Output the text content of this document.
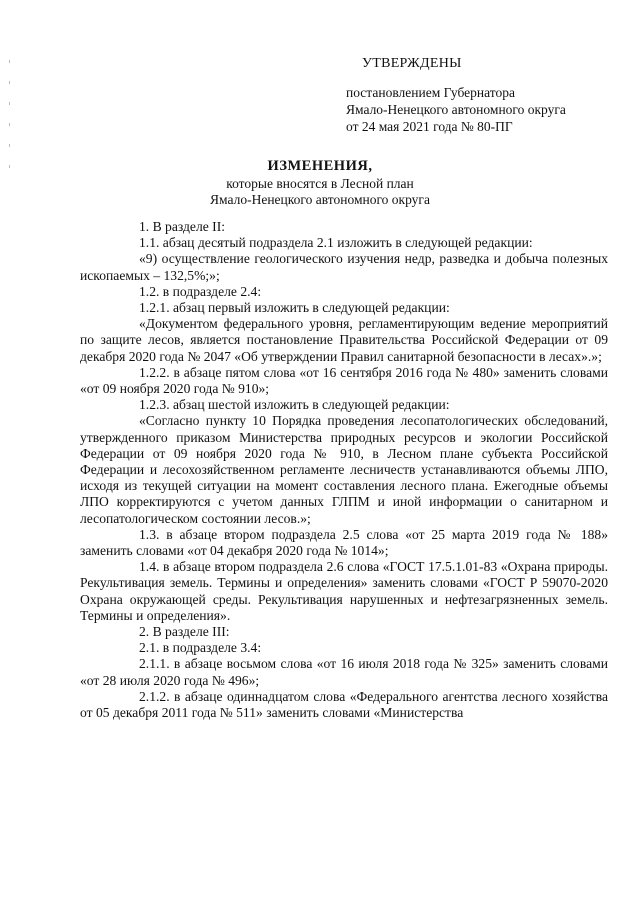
УТВЕРЖДЕНЫ
постановлением Губернатора
Ямало-Ненецкого автономного округа
от 24 мая 2021 года № 80-ПГ
ИЗМЕНЕНИЯ,
которые вносятся в Лесной план
Ямало-Ненецкого автономного округа

1. В разделе II:

1.1. абзац десятый подраздела 2.1 изложить в следующей редакции:

«9) осуществление геологического изучения недр, разведка и добыча полезных ископаемых – 132,5%;»;

1.2. в подразделе 2.4:

1.2.1. абзац первый изложить в следующей редакции:

«Документом федерального уровня, регламентирующим ведение мероприятий по защите лесов, является постановление Правительства Российской Федерации от 09 декабря 2020 года № 2047 «Об утверждении Правил санитарной безопасности в лесах».»;

1.2.2. в абзаце пятом слова «от 16 сентября 2016 года № 480» заменить словами «от 09 ноября 2020 года № 910»;

1.2.3. абзац шестой изложить в следующей редакции:

«Согласно пункту 10 Порядка проведения лесопатологических обследований, утвержденного приказом Министерства природных ресурсов и экологии Российской Федерации от 09 ноября 2020 года № 910, в Лесном плане субъекта Российской Федерации и лесохозяйственном регламенте лесничеств устанавливаются объемы ЛПО, исходя из текущей ситуации на момент составления лесного плана. Ежегодные объемы ЛПО корректируются с учетом данных ГЛПМ и иной информации о санитарном и лесопатологическом состоянии лесов.»;

1.3. в абзаце втором подраздела 2.5 слова «от 25 марта 2019 года № 188» заменить словами «от 04 декабря 2020 года № 1014»;

1.4. в абзаце втором подраздела 2.6 слова «ГОСТ 17.5.1.01-83 «Охрана природы. Рекультивация земель. Термины и определения» заменить словами «ГОСТ Р 59070-2020 Охрана окружающей среды. Рекультивация нарушенных и нефтезагрязненных земель. Термины и определения».

2. В разделе III:

2.1. в подразделе 3.4:

2.1.1. в абзаце восьмом слова «от 16 июля 2018 года № 325» заменить словами «от 28 июля 2020 года № 496»;

2.1.2. в абзаце одиннадцатом слова «Федерального агентства лесного хозяйства от 05 декабря 2011 года № 511» заменить словами «Министерства
